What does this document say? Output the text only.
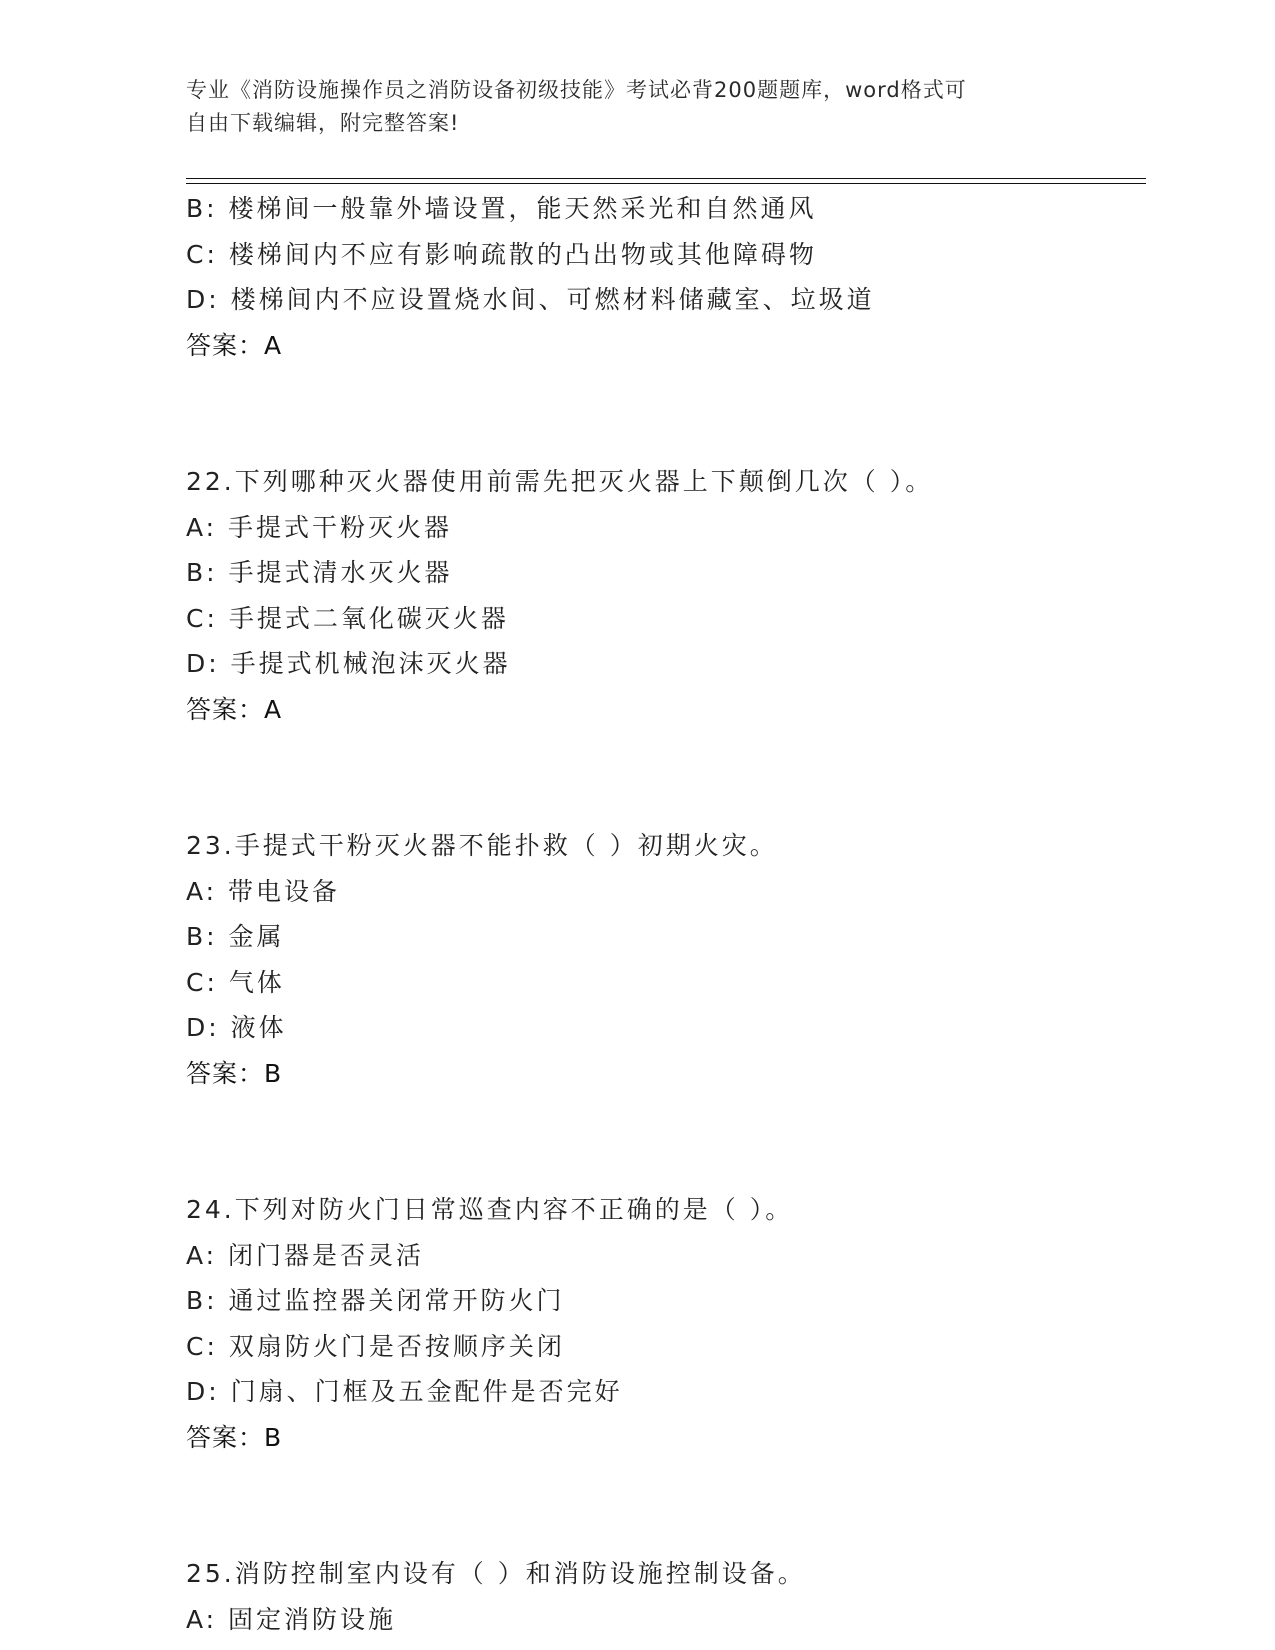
专业《消防设施操作员之消防设备初级技能》考试必背200题题库，word格式可
自由下载编辑，附完整答案!
B: 楼梯间一般靠外墙设置，能天然采光和自然通风
C: 楼梯间内不应有影响疏散的凸出物或其他障碍物
D: 楼梯间内不应设置烧水间、可燃材料储藏室、垃圾道
答案：A
22.下列哪种灭火器使用前需先把灭火器上下颠倒几次（ ）。
A: 手提式干粉灭火器
B: 手提式清水灭火器
C: 手提式二氧化碳灭火器
D: 手提式机械泡沫灭火器
答案：A
23.手提式干粉灭火器不能扑救（ ）初期火灾。
A: 带电设备
B: 金属
C: 气体
D: 液体
答案：B
24.下列对防火门日常巡查内容不正确的是（ ）。
A: 闭门器是否灵活
B: 通过监控器关闭常开防火门
C: 双扇防火门是否按顺序关闭
D: 门扇、门框及五金配件是否完好
答案：B
25.消防控制室内设有（ ）和消防设施控制设备。
A: 固定消防设施
